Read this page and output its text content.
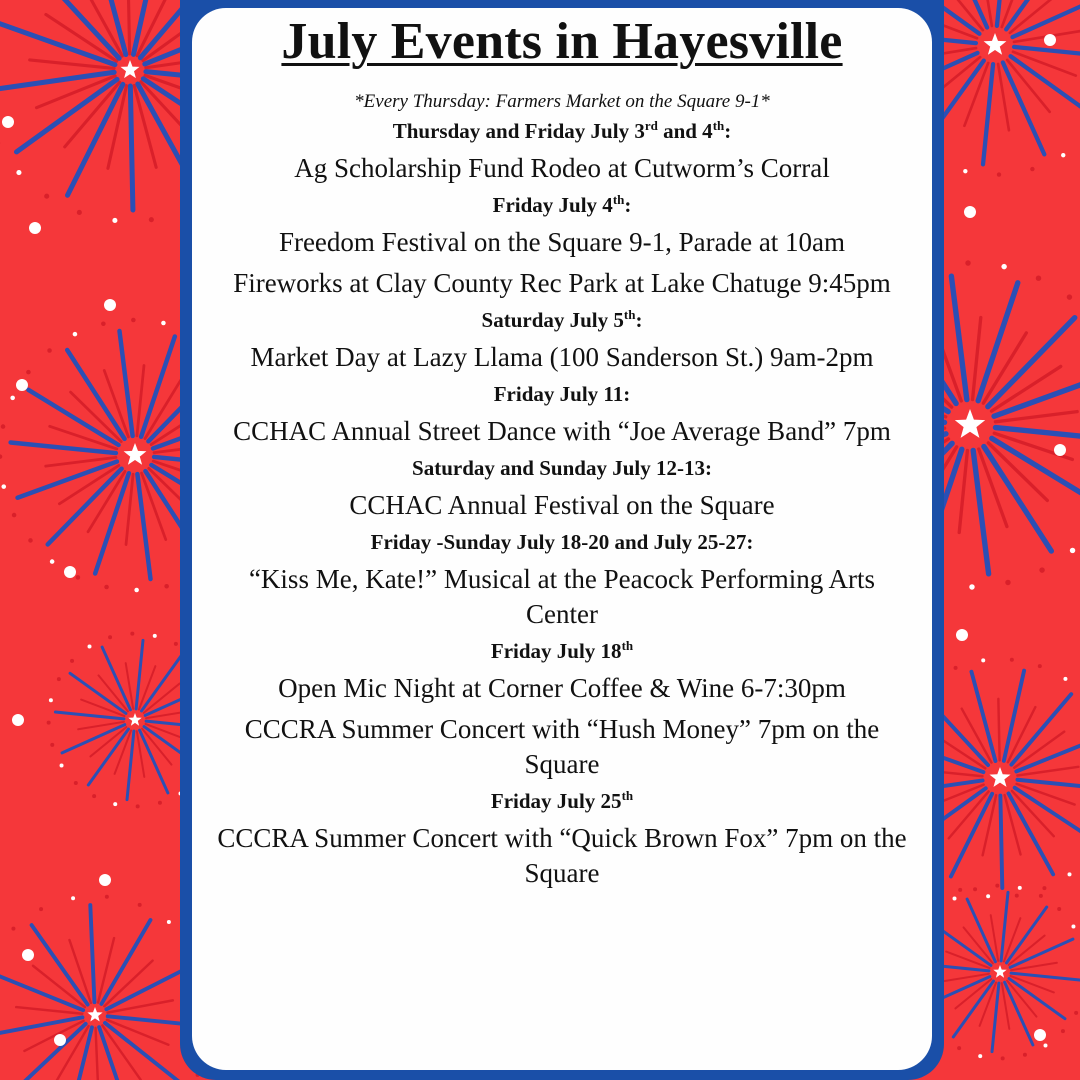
July Events in Hayesville

*Every Thursday: Farmers Market on the Square 9-1*

Thursday and Friday July 3rd and 4th:

Ag Scholarship Fund Rodeo at Cutworm’s Corral

Friday July 4th:

Freedom Festival on the Square 9-1, Parade at 10am

Fireworks at Clay County Rec Park at Lake Chatuge 9:45pm

Saturday July 5th:

Market Day at Lazy Llama (100 Sanderson St.) 9am-2pm

Friday July 11:

CCHAC Annual Street Dance with “Joe Average Band” 7pm

Saturday and Sunday July 12-13:

CCHAC Annual Festival on the Square

Friday -Sunday July 18-20 and July 25-27:

“Kiss Me, Kate!” Musical at the Peacock Performing Arts Center

Friday July 18th

Open Mic Night at Corner Coffee & Wine 6-7:30pm

CCCRA Summer Concert with “Hush Money” 7pm on the Square

Friday July 25th

CCCRA Summer Concert with “Quick Brown Fox” 7pm on the Square
